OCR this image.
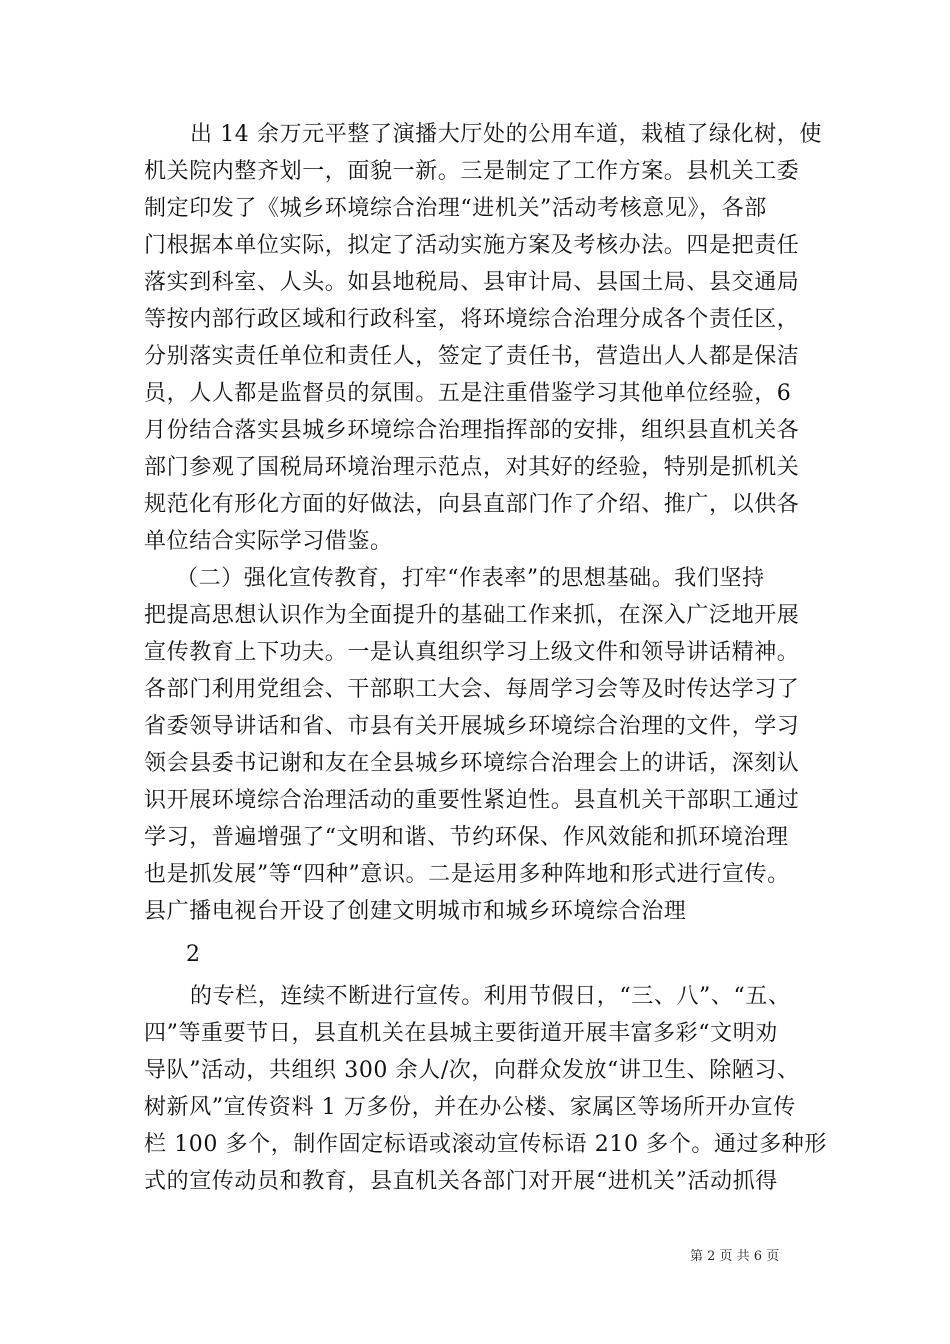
出 14 余万元平整了演播大厅处的公用车道，栽植了绿化树，使
机关院内整齐划一，面貌一新。三是制定了工作方案。县机关工委
制定印发了《城乡环境综合治理“进机关”活动考核意见》，各部
门根据本单位实际，拟定了活动实施方案及考核办法。四是把责任
落实到科室、人头。如县地税局、县审计局、县国土局、县交通局
等按内部行政区域和行政科室，将环境综合治理分成各个责任区，
分别落实责任单位和责任人，签定了责任书，营造出人人都是保洁
员，人人都是监督员的氛围。五是注重借鉴学习其他单位经验，6
月份结合落实县城乡环境综合治理指挥部的安排，组织县直机关各
部门参观了国税局环境治理示范点，对其好的经验，特别是抓机关
规范化有形化方面的好做法，向县直部门作了介绍、推广，以供各
单位结合实际学习借鉴。
（二）强化宣传教育，打牢“作表率”的思想基础。我们坚持
把提高思想认识作为全面提升的基础工作来抓，在深入广泛地开展
宣传教育上下功夫。一是认真组织学习上级文件和领导讲话精神。
各部门利用党组会、干部职工大会、每周学习会等及时传达学习了
省委领导讲话和省、市县有关开展城乡环境综合治理的文件，学习
领会县委书记谢和友在全县城乡环境综合治理会上的讲话，深刻认
识开展环境综合治理活动的重要性紧迫性。县直机关干部职工通过
学习，普遍增强了“文明和谐、节约环保、作风效能和抓环境治理
也是抓发展”等“四种”意识。二是运用多种阵地和形式进行宣传。
县广播电视台开设了创建文明城市和城乡环境综合治理
2
的专栏，连续不断进行宣传。利用节假日，“三、八”、“五、
四”等重要节日，县直机关在县城主要街道开展丰富多彩“文明劝
导队”活动，共组织 300 余人/次，向群众发放“讲卫生、除陋习、
树新风”宣传资料 1 万多份，并在办公楼、家属区等场所开办宣传
栏 100 多个，制作固定标语或滚动宣传标语 210 多个。通过多种形
式的宣传动员和教育，县直机关各部门对开展“进机关”活动抓得
第 2 页 共 6 页
